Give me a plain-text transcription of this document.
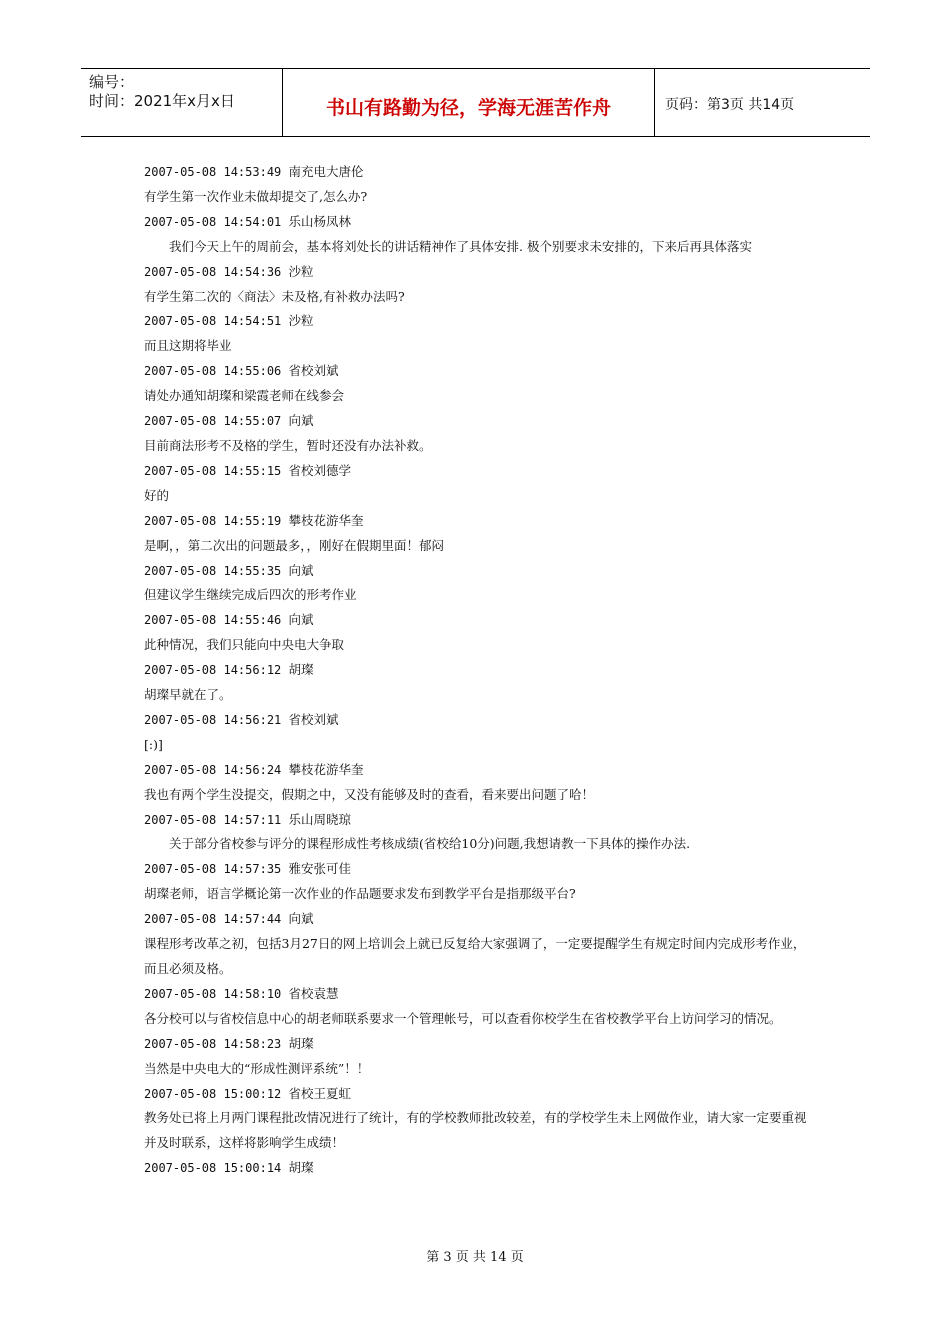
编号：
时间：2021年x月x日	书山有路勤为径，学海无涯苦作舟	页码：第3页 共14页
2007-05-08 14:53:49 南充电大唐伦
有学生第一次作业未做却提交了,怎么办?
2007-05-08 14:54:01 乐山杨凤林
我们今天上午的周前会，基本将刘处长的讲话精神作了具体安排. 极个别要求未安排的，下来后再具体落实
2007-05-08 14:54:36 沙粒
有学生第二次的〈商法〉未及格,有补救办法吗?
2007-05-08 14:54:51 沙粒
而且这期将毕业
2007-05-08 14:55:06 省校刘斌
请处办通知胡璨和梁霞老师在线参会
2007-05-08 14:55:07 向斌
目前商法形考不及格的学生，暂时还没有办法补救。
2007-05-08 14:55:15 省校刘德学
好的
2007-05-08 14:55:19 攀枝花游华奎
是啊，，第二次出的问题最多，，刚好在假期里面！郁闷
2007-05-08 14:55:35 向斌
但建议学生继续完成后四次的形考作业
2007-05-08 14:55:46 向斌
此种情况，我们只能向中央电大争取
2007-05-08 14:56:12 胡璨
胡璨早就在了。
2007-05-08 14:56:21 省校刘斌
[:)]
2007-05-08 14:56:24 攀枝花游华奎
我也有两个学生没提交，假期之中，又没有能够及时的查看，看来要出问题了哈！
2007-05-08 14:57:11 乐山周晓琼
关于部分省校参与评分的课程形成性考核成绩(省校给10分)问题,我想请教一下具体的操作办法.
2007-05-08 14:57:35 雅安张可佳
胡璨老师，语言学概论第一次作业的作品题要求发布到教学平台是指那级平台?
2007-05-08 14:57:44 向斌
课程形考改革之初，包括3月27日的网上培训会上就已反复给大家强调了，一定要提醒学生有规定时间内完成形考作业，而且必须及格。
2007-05-08 14:58:10 省校袁慧
各分校可以与省校信息中心的胡老师联系要求一个管理帐号，可以查看你校学生在省校教学平台上访问学习的情况。
2007-05-08 14:58:23 胡璨
当然是中央电大的“形成性测评系统”！！
2007-05-08 15:00:12 省校王夏虹
教务处已将上月两门课程批改情况进行了统计，有的学校教师批改较差，有的学校学生未上网做作业，请大家一定要重视并及时联系，这样将影响学生成绩！
2007-05-08 15:00:14 胡璨
第 3 页 共 14 页
